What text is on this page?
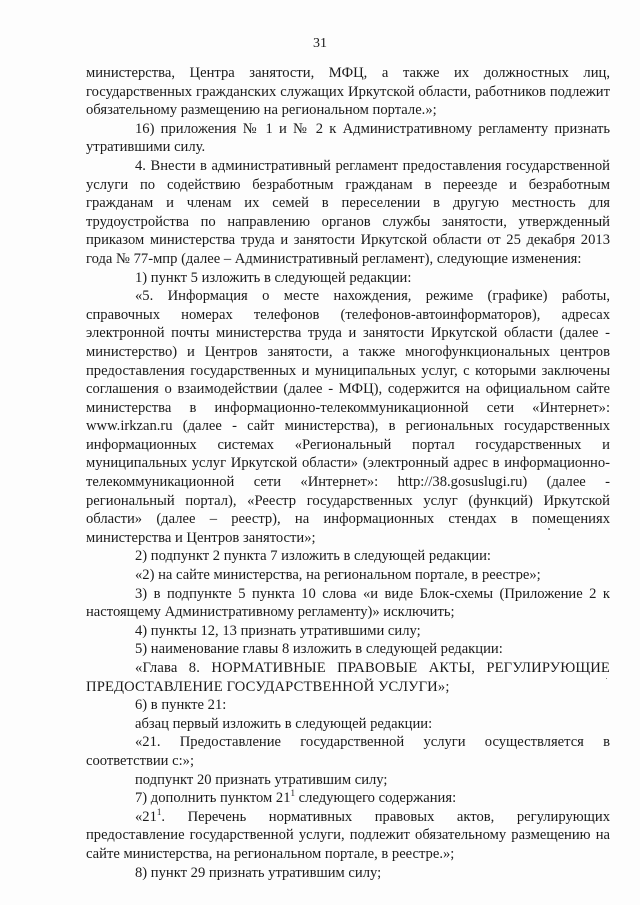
31

министерства, Центра занятости, МФЦ, а также их должностных лиц, государственных гражданских служащих Иркутской области, работников подлежит обязательному размещению на региональном портале.»;

16) приложения № 1 и № 2 к Административному регламенту признать утратившими силу.

4. Внести в административный регламент предоставления государственной услуги по содействию безработным гражданам в переезде и безработным гражданам и членам их семей в переселении в другую местность для трудоустройства по направлению органов службы занятости, утвержденный приказом министерства труда и занятости Иркутской области от 25 декабря 2013 года № 77-мпр (далее – Административный регламент), следующие изменения:

1) пункт 5 изложить в следующей редакции:

«5. Информация о месте нахождения, режиме (графике) работы, справочных номерах телефонов (телефонов-автоинформаторов), адресах электронной почты министерства труда и занятости Иркутской области (далее - министерство) и Центров занятости, а также многофункциональных центров предоставления государственных и муниципальных услуг, с которыми заключены соглашения о взаимодействии (далее - МФЦ), содержится на официальном сайте министерства в информационно-телекоммуникационной сети «Интернет»: www.irkzan.ru (далее - сайт министерства), в региональных государственных информационных системах «Региональный портал государственных и муниципальных услуг Иркутской области» (электронный адрес в информационно-телекоммуникационной сети «Интернет»: http://38.gosuslugi.ru) (далее - региональный портал), «Реестр государственных услуг (функций) Иркутской области» (далее – реестр), на информационных стендах в помещениях министерства и Центров занятости»;

2) подпункт 2 пункта 7 изложить в следующей редакции:

«2) на сайте министерства, на региональном портале, в реестре»;

3) в подпункте 5 пункта 10 слова «и виде Блок-схемы (Приложение 2 к настоящему Административному регламенту)» исключить;

4) пункты 12, 13 признать утратившими силу;

5) наименование главы 8 изложить в следующей редакции:

«Глава 8. НОРМАТИВНЫЕ ПРАВОВЫЕ АКТЫ, РЕГУЛИРУЮЩИЕ ПРЕДОСТАВЛЕНИЕ ГОСУДАРСТВЕННОЙ УСЛУГИ»;

6) в пункте 21:

абзац первый изложить в следующей редакции:

«21. Предоставление государственной услуги осуществляется в соответствии с:»;

подпункт 20 признать утратившим силу;

7) дополнить пунктом $21^1$ следующего содержания:

«$21^1$. Перечень нормативных правовых актов, регулирующих предоставление государственной услуги, подлежит обязательному размещению на сайте министерства, на региональном портале, в реестре.»;

8) пункт 29 признать утратившим силу;
